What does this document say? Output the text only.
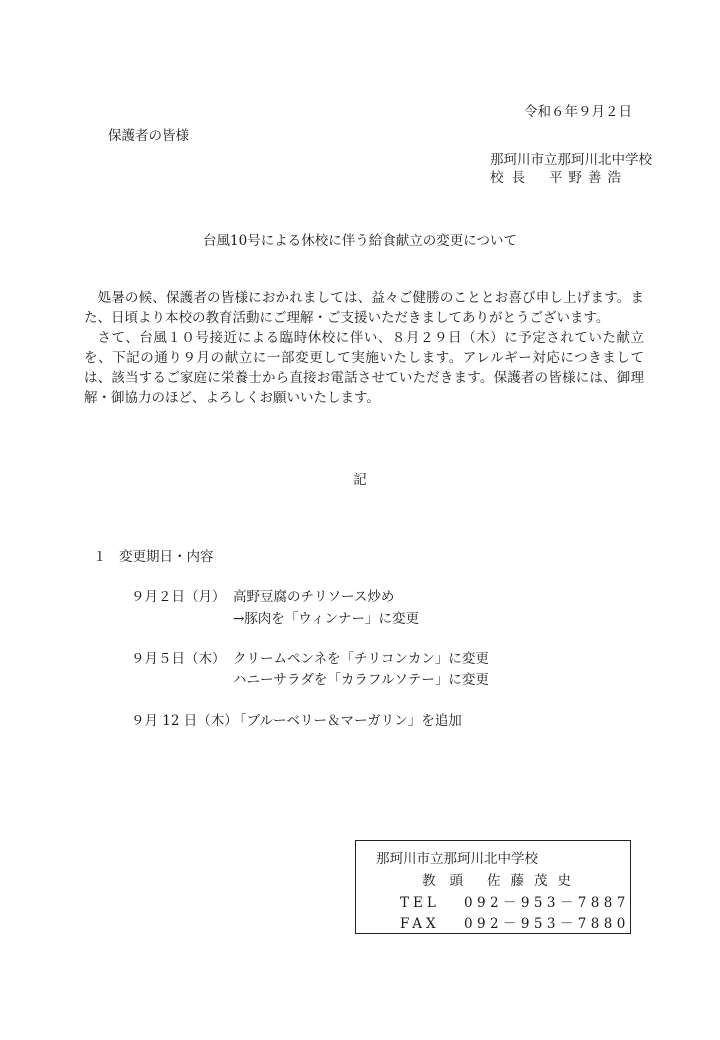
令和６年９月２日
保護者の皆様
那珂川市立那珂川北中学校
校長 平野善浩
台風10号による休校に伴う給食献立の変更について

処暑の候、保護者の皆様におかれましては、益々ご健勝のこととお喜び申し上げます。また、日頃より本校の教育活動にご理解・ご支援いただきましてありがとうございます。

さて、台風１０号接近による臨時休校に伴い、８月２９日（木）に予定されていた献立を、下記の通り９月の献立に一部変更して実施いたします。アレルギー対応につきましては、該当するご家庭に栄養士から直接お電話させていただきます。保護者の皆様には、御理解・御協力のほど、よろしくお願いいたします。

記
１ 変更期日・内容
９月２日（月） 高野豆腐のチリソース炒め
→豚肉を「ウィンナー」に変更
９月５日（木） クリームペンネを「チリコンカン」に変更
ハニーサラダを「カラフルソテー」に変更
９月 12 日（木）
「ブルーベリー＆マーガリン」を追加
那珂川市立那珂川北中学校
教頭 佐藤茂史
TEL 092－953－7887
FAX 092－953－7880
